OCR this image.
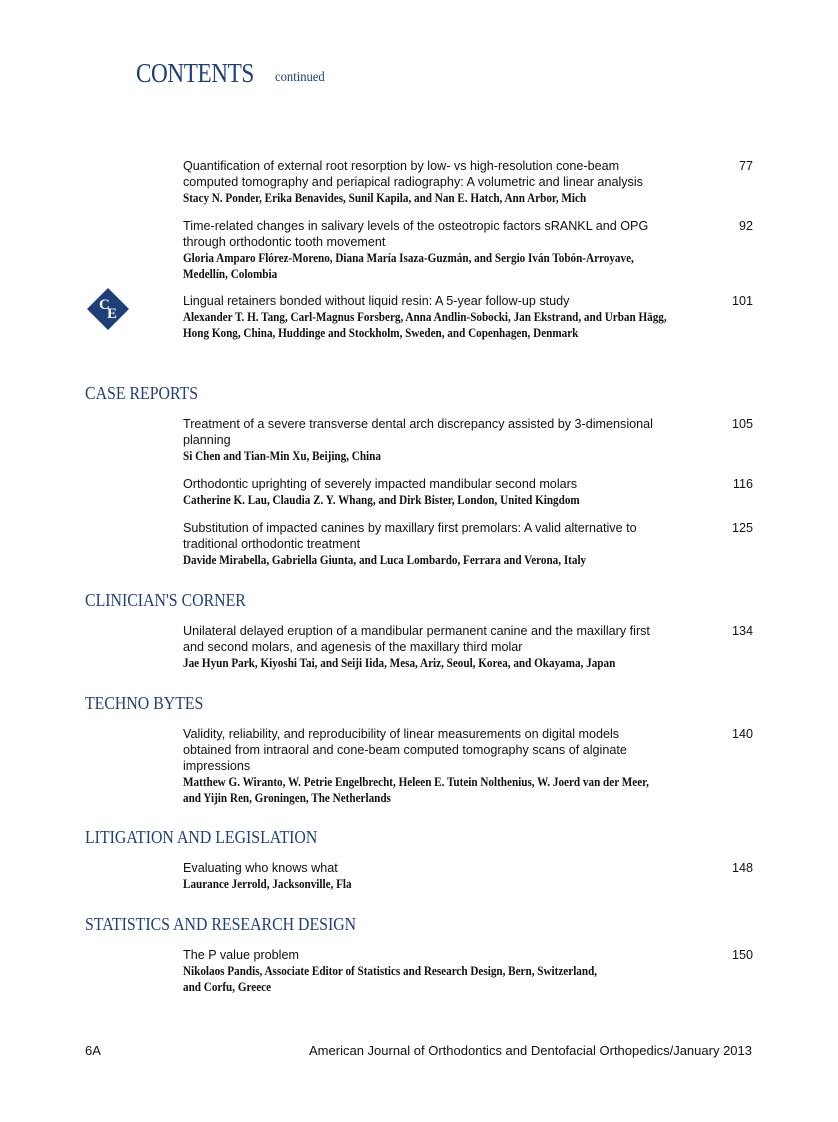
CONTENTS continued
C
E
Quantification of external root resorption by low- vs high-resolution cone-beam
computed tomography and periapical radiography: A volumetric and linear analysis
Stacy N. Ponder, Erika Benavides, Sunil Kapila, and Nan E. Hatch, Ann Arbor, Mich
77
Time-related changes in salivary levels of the osteotropic factors sRANKL and OPG
through orthodontic tooth movement
Gloria Amparo Flórez-Moreno, Diana María Isaza-Guzmán, and Sergio Iván Tobón-Arroyave,
Medellín, Colombia
92
Lingual retainers bonded without liquid resin: A 5-year follow-up study
Alexander T. H. Tang, Carl-Magnus Forsberg, Anna Andlin-Sobocki, Jan Ekstrand, and Urban Hägg,
Hong Kong, China, Huddinge and Stockholm, Sweden, and Copenhagen, Denmark
101
CASE REPORTS
Treatment of a severe transverse dental arch discrepancy assisted by 3-dimensional
planning
Si Chen and Tian-Min Xu, Beijing, China
105
Orthodontic uprighting of severely impacted mandibular second molars
Catherine K. Lau, Claudia Z. Y. Whang, and Dirk Bister, London, United Kingdom
116
Substitution of impacted canines by maxillary first premolars: A valid alternative to
traditional orthodontic treatment
Davide Mirabella, Gabriella Giunta, and Luca Lombardo, Ferrara and Verona, Italy
125
CLINICIAN'S CORNER
Unilateral delayed eruption of a mandibular permanent canine and the maxillary first
and second molars, and agenesis of the maxillary third molar
Jae Hyun Park, Kiyoshi Tai, and Seiji Iida, Mesa, Ariz, Seoul, Korea, and Okayama, Japan
134
TECHNO BYTES
Validity, reliability, and reproducibility of linear measurements on digital models
obtained from intraoral and cone-beam computed tomography scans of alginate
impressions
Matthew G. Wiranto, W. Petrie Engelbrecht, Heleen E. Tutein Nolthenius, W. Joerd van der Meer,
and Yijin Ren, Groningen, The Netherlands
140
LITIGATION AND LEGISLATION
Evaluating who knows what
Laurance Jerrold, Jacksonville, Fla
148
STATISTICS AND RESEARCH DESIGN
The P value problem
Nikolaos Pandis, Associate Editor of Statistics and Research Design, Bern, Switzerland,
and Corfu, Greece
150
6A	American Journal of Orthodontics and Dentofacial Orthopedics/January 2013
